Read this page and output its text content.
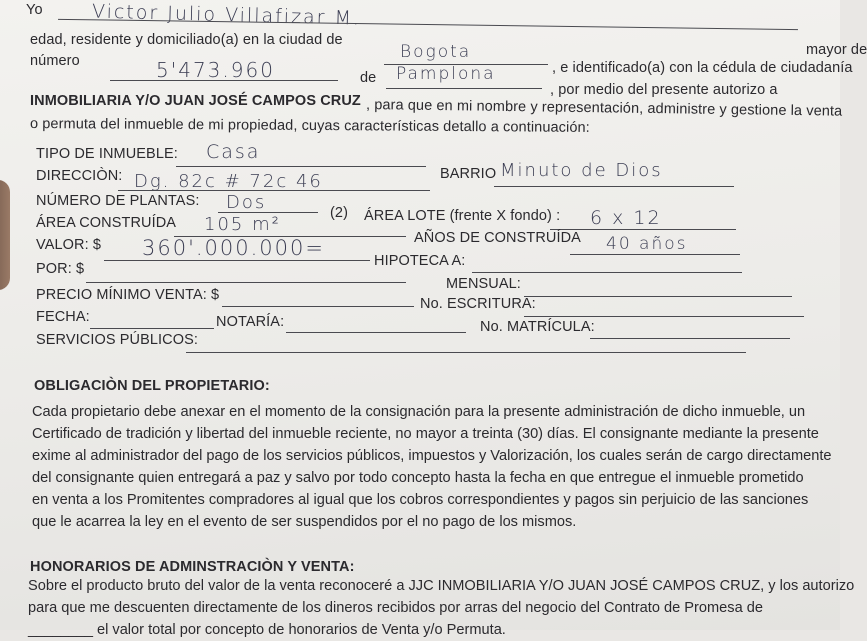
Yo	Victor Julio Villafizar M.
mayor de
edad, residente y domiciliado(a) en la ciudad de
Bogota
, e identificado(a) con la cédula de ciudadanía
número	5'473.960	de Pamplona
, por medio del presente autorizo a
INMOBILIARIA Y/O JUAN JOSÉ CAMPOS CRUZ , para que en mi nombre y representación, administre y gestione la venta
o permuta del inmueble de mi propiedad, cuyas características detallo a continuación:
TIPO DE INMUEBLE: Casa
BARRIO Minuto de Dios
DIRECCIÒN: Dg. 82c # 72c 46
NÚMERO DE PLANTAS: Dos	(2) ÁREA LOTE (frente X fondo) : 6 x 12
ÁREA CONSTRUÍDA 105 m²
AÑOS DE CONSTRUÍDA 40 años
VALOR: $ 360'.000.000=
HIPOTECA A:
POR: $
MENSUAL:
PRECIO MÍNIMO VENTA: $
No. ESCRITURA:
FECHA:	NOTARÍA:	No. MATRÍCULA:
SERVICIOS PÚBLICOS:
OBLIGACIÒN DEL PROPIETARIO:
Cada propietario debe anexar en el momento de la consignación para la presente administración de dicho inmueble, un
Certificado de tradición y libertad del inmueble reciente, no mayor a treinta (30) días. El consignante mediante la presente
exime al administrador del pago de los servicios públicos, impuestos y Valorización, los cuales serán de cargo directamente
del consignante quien entregará a paz y salvo por todo concepto hasta la fecha en que entregue el inmueble prometido
en venta a los Promitentes compradores al igual que los cobros correspondientes y pagos sin perjuicio de las sanciones
que le acarrea la ley en el evento de ser suspendidos por el no pago de los mismos.
HONORARIOS DE ADMINSTRACIÒN Y VENTA:
Sobre el producto bruto del valor de la venta reconoceré a JJC INMOBILIARIA Y/O JUAN JOSÉ CAMPOS CRUZ, y los autorizo
para que me descuenten directamente de los dineros recibidos por arras del negocio del Contrato de Promesa de
________ el valor total por concepto de honorarios de Venta y/o Permuta.
